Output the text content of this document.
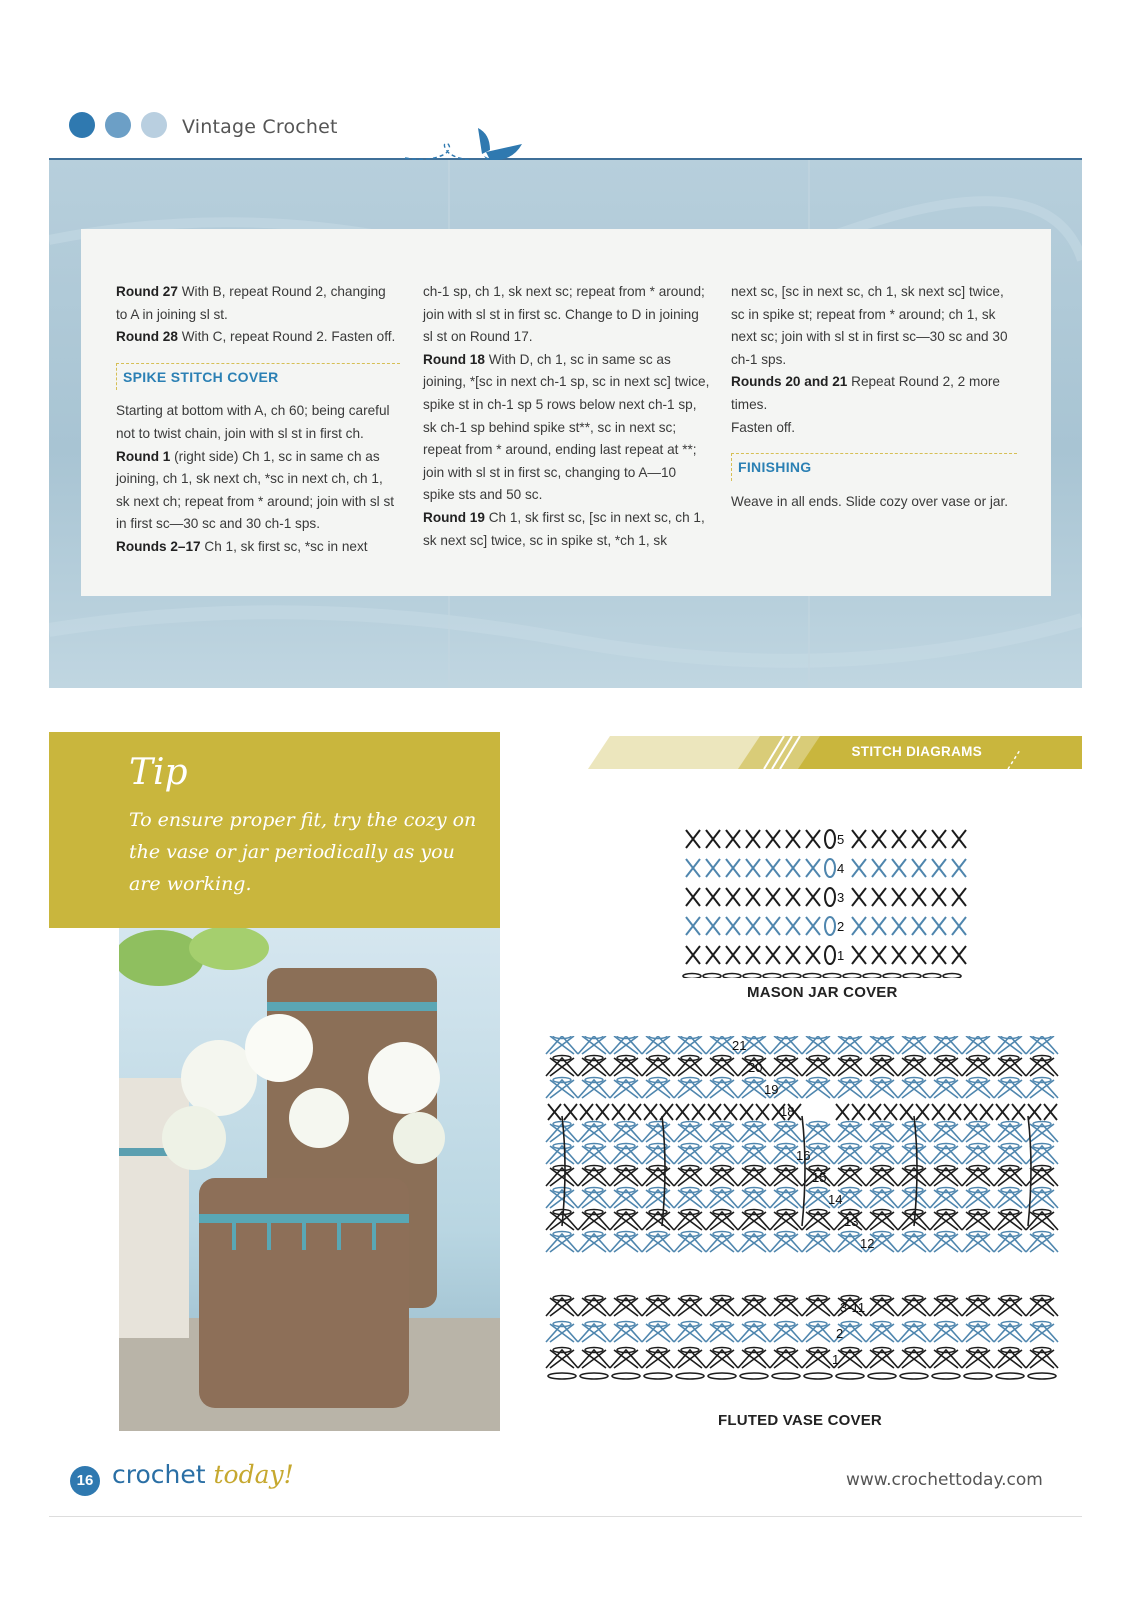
Vintage Crochet

Round 27 With B, repeat Round 2, changing to A in joining sl st.

Round 28 With C, repeat Round 2. Fasten off.

SPIKE STITCH COVER

Starting at bottom with A, ch 60; being careful not to twist chain, join with sl st in first ch.

Round 1 (right side) Ch 1, sc in same ch as joining, ch 1, sk next ch, *sc in next ch, ch 1, sk next ch; repeat from * around; join with sl st in first sc—30 sc and 30 ch-1 sps.

Rounds 2–17 Ch 1, sk first sc, *sc in next

ch-1 sp, ch 1, sk next sc; repeat from * around; join with sl st in first sc. Change to D in joining sl st on Round 17.

Round 18 With D, ch 1, sc in same sc as joining, *[sc in next ch-1 sp, sc in next sc] twice, spike st in ch-1 sp 5 rows below next ch-1 sp, sk ch-1 sp behind spike st**, sc in next sc; repeat from * around, ending last repeat at **; join with sl st in first sc, changing to A—10 spike sts and 50 sc.

Round 19 Ch 1, sk first sc, [sc in next sc, ch 1, sk next sc] twice, sc in spike st, *ch 1, sk

next sc, [sc in next sc, ch 1, sk next sc] twice, sc in spike st; repeat from * around; ch 1, sk next sc; join with sl st in first sc—30 sc and 30 ch-1 sps.

Rounds 20 and 21 Repeat Round 2, 2 more times.

Fasten off.

FINISHING

Weave in all ends. Slide cozy over vase or jar.

Tip
To ensure proper fit, try the cozy on the vase or jar periodically as you are working.
STITCH DIAGRAMS
5
4
3
2
1
MASON JAR COVER
21
20
19
18
16
15
14
13
12
3-11
2
1
FLUTED VASE COVER
16 crochet today!	www.crochettoday.com
